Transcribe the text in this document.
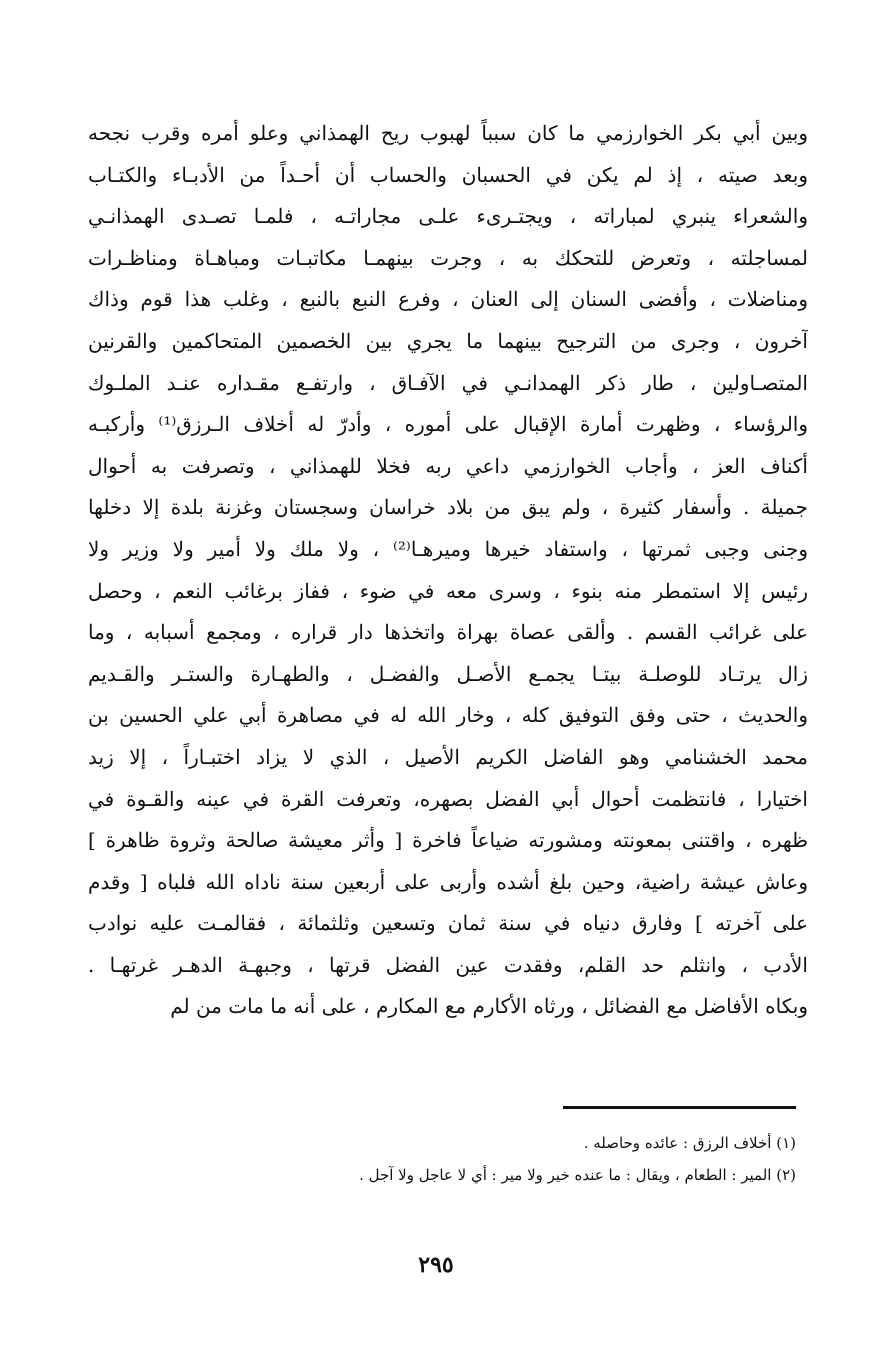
وبين أبي بكر الخوارزمي ما كان سبباً لهبوب ريح الهمذاني وعلو أمره وقرب نجحه
وبعد صيته ، إذ لم يكن في الحسبان والحساب أن أحـداً من الأدبـاء والكتـاب
والشعراء ينبري لمباراته ، ويجتـرىء علـى مجاراتـه ، فلمـا تصـدى الهمذانـي
لمساجلته ، وتعرض للتحكك به ، وجرت بينهمـا مكاتبـات ومباهـاة ومناظـرات
ومناضلات ، وأفضى السنان إلى العنان ، وفرع النبع بالنبع ، وغلب هذا قوم وذاك
آخرون ، وجرى من الترجيح بينهما ما يجري بين الخصمين المتحاكمين والقرنين
المتصـاولين ، طار ذكر الهمدانـي في الآفـاق ، وارتفـع مقـداره عنـد الملـوك
والرؤساء ، وظهرت أمارة الإقبال على أموره ، وأدرّ له أخلاف الـرزق⁽¹⁾ وأركبـه
أكناف العز ، وأجاب الخوارزمي داعي ربه فخلا للهمذاني ، وتصرفت به أحوال
جميلة . وأسفار كثيرة ، ولم يبق من بلاد خراسان وسجستان وغزنة بلدة إلا دخلها
وجنى وجبى ثمرتها ، واستفاد خيرها وميرهـا⁽²⁾ ، ولا ملك ولا أمير ولا وزير ولا
رئيس إلا استمطر منه بنوء ، وسرى معه في ضوء ، ففاز برغائب النعم ، وحصل
على غرائب القسم . وألقى عصاة بهراة واتخذها دار قراره ، ومجمع أسبابه ، وما
زال يرتـاد للوصلـة بيتـا يجمـع الأصـل والفضـل ، والطهـارة والستـر والقـديم
والحديث ، حتى وفق التوفيق كله ، وخار الله له في مصاهرة أبي علي الحسين بن
محمد الخشنامي وهو الفاضل الكريم الأصيل ، الذي لا يزاد اختبـاراً ، إلا زيد
اختيارا ، فانتظمت أحوال أبي الفضل بصهره، وتعرفت القرة في عينه والقـوة في
ظهره ، واقتنى بمعونته ومشورته ضياعاً فاخرة [ وأثر معيشة صالحة وثروة ظاهرة ]
وعاش عيشة راضية، وحين بلغ أشده وأربى على أربعين سنة ناداه الله فلباه [ وقدم
على آخرته ] وفارق دنياه في سنة ثمان وتسعين وثلثمائة ، فقالمـت عليه نوادب
الأدب ، وانثلم حد القلم، وفقدت عين الفضل قرتها ، وجبهـة الدهـر غرتهـا .
وبكاه الأفاضل مع الفضائل ، ورثاه الأكارم مع المكارم ، على أنه ما مات من لم
(١) أخلاف الرزق : عائده وحاصله .
(٢) المير : الطعام ، ويقال : ما عنده خير ولا مير : أي لا عاجل ولا آجل .
٢٩٥
